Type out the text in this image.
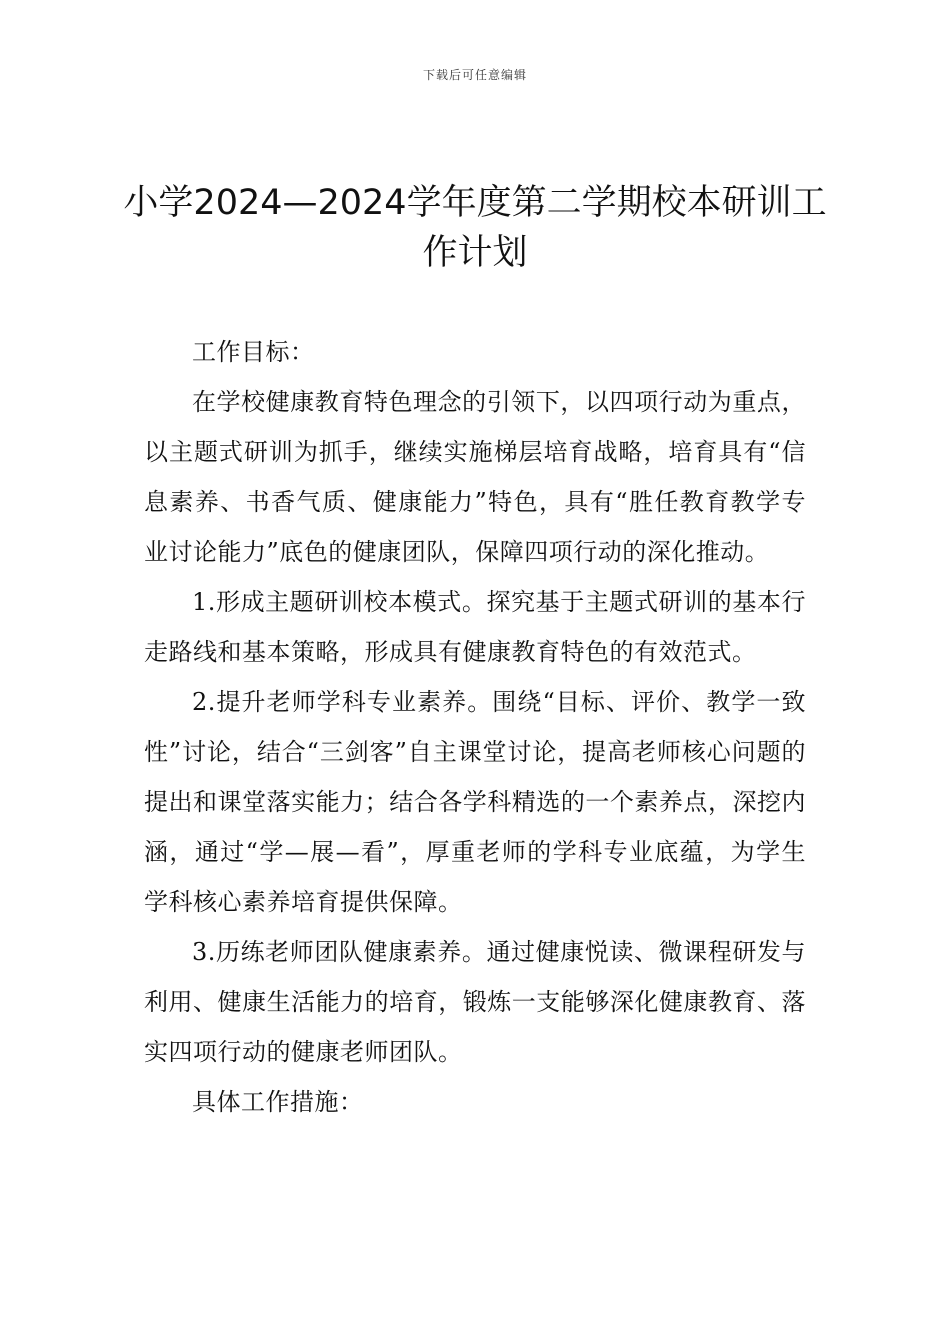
下载后可任意编辑
小学2024—2024学年度第二学期校本研训工作计划

工作目标：

在学校健康教育特色理念的引领下，以四项行动为重点，以主题式研训为抓手，继续实施梯层培育战略，培育具有“信息素养、书香气质、健康能力”特色，具有“胜任教育教学专业讨论能力”底色的健康团队，保障四项行动的深化推动。

1.形成主题研训校本模式。探究基于主题式研训的基本行走路线和基本策略，形成具有健康教育特色的有效范式。

2.提升老师学科专业素养。围绕“目标、评价、教学一致性”讨论，结合“三剑客”自主课堂讨论，提高老师核心问题的提出和课堂落实能力；结合各学科精选的一个素养点，深挖内涵，通过“学—展—看”，厚重老师的学科专业底蕴，为学生学科核心素养培育提供保障。

3.历练老师团队健康素养。通过健康悦读、微课程研发与利用、健康生活能力的培育，锻炼一支能够深化健康教育、落实四项行动的健康老师团队。

具体工作措施：
